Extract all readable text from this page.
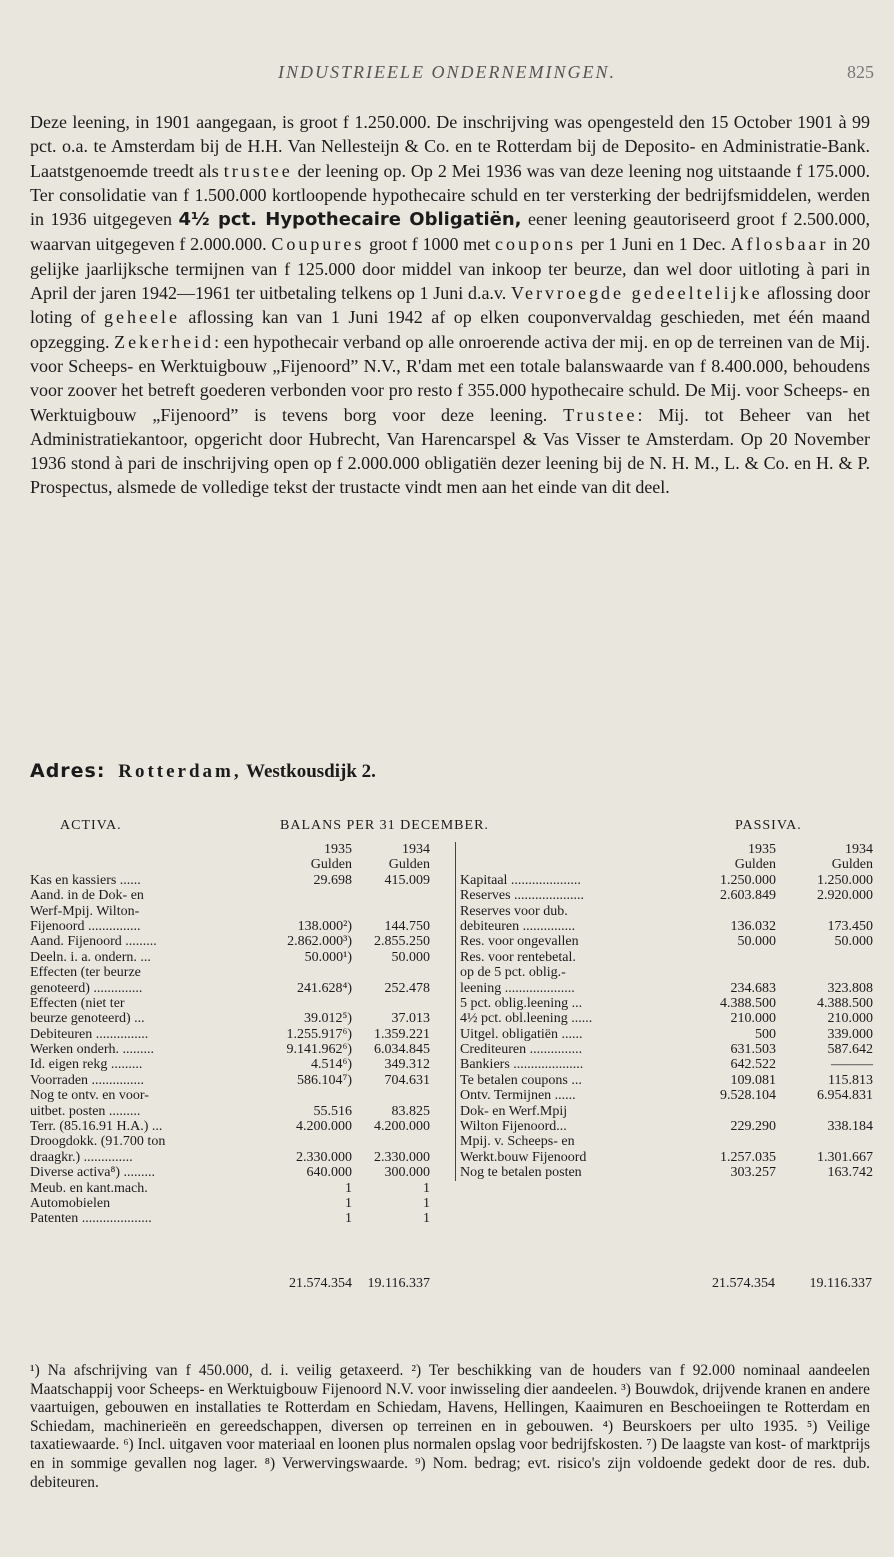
INDUSTRIEELE ONDERNEMINGEN.	825

Deze leening, in 1901 aangegaan, is groot f 1.250.000. De inschrijving was opengesteld den 15 October 1901 à 99 pct. o.a. te Amsterdam bij de H.H. Van Nellesteijn & Co. en te Rotterdam bij de Deposito- en Administratie-Bank. Laatstgenoemde treedt als trustee der leening op. Op 2 Mei 1936 was van deze leening nog uitstaande f 175.000. Ter consolidatie van f 1.500.000 kortloopende hypothecaire schuld en ter versterking der bedrijfsmiddelen, werden in 1936 uitgegeven 4½ pct. Hypothecaire Obligatiën, eener leening geautoriseerd groot f 2.500.000, waarvan uitgegeven f 2.000.000. Coupures groot f 1000 met coupons per 1 Juni en 1 Dec. Aflosbaar in 20 gelijke jaarlijksche termijnen van f 125.000 door middel van inkoop ter beurze, dan wel door uitloting à pari in April der jaren 1942—1961 ter uitbetaling telkens op 1 Juni d.a.v. Vervroegde gedeeltelijke aflossing door loting of geheele aflossing kan van 1 Juni 1942 af op elken couponvervaldag geschieden, met één maand opzegging. Zekerheid: een hypothecair verband op alle onroerende activa der mij. en op de terreinen van de Mij. voor Scheeps- en Werktuigbouw „Fijenoord” N.V., R'dam met een totale balanswaarde van f 8.400.000, behoudens voor zoover het betreft goederen verbonden voor pro resto f 355.000 hypothecaire schuld. De Mij. voor Scheeps- en Werktuigbouw „Fijenoord” is tevens borg voor deze leening. Trustee: Mij. tot Beheer van het Administratiekantoor, opgericht door Hubrecht, Van Harencarspel & Vas Visser te Amsterdam. Op 20 November 1936 stond à pari de inschrijving open op f 2.000.000 obligatiën dezer leening bij de N. H. M., L. & Co. en H. & P. Prospectus, alsmede de volledige tekst der trustacte vindt men aan het einde van dit deel.

Adres: Rotterdam, Westkousdijk 2.
ACTIVA.	BALANS PER 31 DECEMBER.	PASSIVA.
1935	1934
Gulden	Gulden
Kas en kassiers ......	29.698	415.009
Aand. in de Dok- en
Werf-Mpij. Wilton-
Fijenoord ...............	138.000²)	144.750
Aand. Fijenoord .........	2.862.000³)	2.855.250
Deeln. i. a. ondern. ...	50.000¹)	50.000
Effecten (ter beurze
genoteerd) ..............	241.628⁴)	252.478
Effecten (niet ter
beurze genoteerd) ...	39.012⁵)	37.013
Debiteuren ...............	1.255.917⁶)	1.359.221
Werken onderh. .........	9.141.962⁶)	6.034.845
Id. eigen rekg .........	4.514⁶)	349.312
Voorraden ...............	586.104⁷)	704.631
Nog te ontv. en voor-
uitbet. posten .........	55.516	83.825
Terr. (85.16.91 H.A.) ...	4.200.000	4.200.000
Droogdokk. (91.700 ton
draagkr.) ..............	2.330.000	2.330.000
Diverse activa⁸) .........	640.000	300.000
Meub. en kant.mach.	1	1
Automobielen	1	1
Patenten ....................	1	1
1935	1934
Gulden	Gulden
Kapitaal ....................	1.250.000	1.250.000
Reserves ....................	2.603.849	2.920.000
Reserves voor dub.
debiteuren ...............	136.032	173.450
Res. voor ongevallen	50.000	50.000
Res. voor rentebetal.
op de 5 pct. oblig.-
leening ....................	234.683	323.808
5 pct. oblig.leening ...	4.388.500	4.388.500
4½ pct. obl.leening ......	210.000	210.000
Uitgel. obligatiën ......	500	339.000
Crediteuren ...............	631.503	587.642
Bankiers ....................	642.522	———
Te betalen coupons ...	109.081	115.813
Ontv. Termijnen ......	9.528.104	6.954.831
Dok- en Werf.Mpij
Wilton Fijenoord...	229.290	338.184
Mpij. v. Scheeps- en
Werkt.bouw Fijenoord	1.257.035	1.301.667
Nog te betalen posten	303.257	163.742
21.574.354	19.116.337	21.574.354	19.116.337

¹) Na afschrijving van f 450.000, d. i. veilig getaxeerd. ²) Ter beschikking van de houders van f 92.000 nominaal aandeelen Maatschappij voor Scheeps- en Werktuigbouw Fijenoord N.V. voor inwisseling dier aandeelen. ³) Bouwdok, drijvende kranen en andere vaartuigen, gebouwen en installaties te Rotterdam en Schiedam, Havens, Hellingen, Kaaimuren en Beschoeiingen te Rotterdam en Schiedam, machinerieën en gereedschappen, diversen op terreinen en in gebouwen. ⁴) Beurskoers per ulto 1935. ⁵) Veilige taxatiewaarde. ⁶) Incl. uitgaven voor materiaal en loonen plus normalen opslag voor bedrijfskosten. ⁷) De laagste van kost- of marktprijs en in sommige gevallen nog lager. ⁸) Verwervingswaarde. ⁹) Nom. bedrag; evt. risico's zijn voldoende gedekt door de res. dub. debiteuren.
